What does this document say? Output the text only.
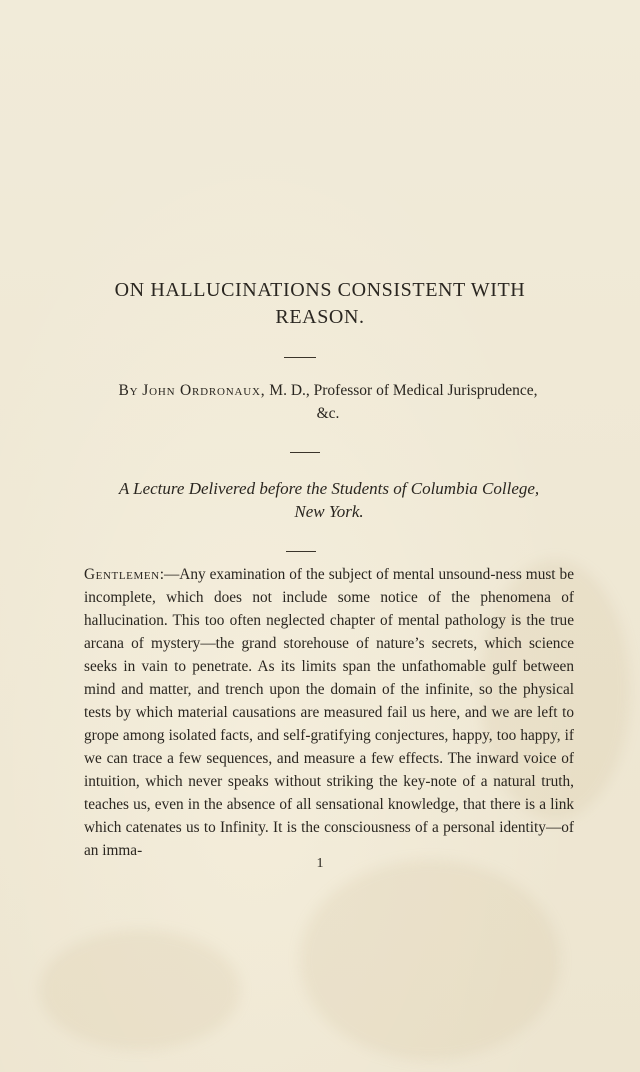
ON HALLUCINATIONS CONSISTENT WITH
REASON.

By John Ordronaux, M. D., Professor of Medical Jurisprudence,
&c.

A Lecture Delivered before the Students of Columbia College,
New York.

Gentlemen:—Any examination of the subject of mental unsound-ness must be incomplete, which does not include some notice of the phenomena of hallucination. This too often neglected chapter of mental pathology is the true arcana of mystery—the grand storehouse of nature’s secrets, which science seeks in vain to penetrate. As its limits span the unfathomable gulf between mind and matter, and trench upon the domain of the infinite, so the physical tests by which material causations are measured fail us here, and we are left to grope among isolated facts, and self-gratifying conjectures, happy, too happy, if we can trace a few sequences, and measure a few effects. The inward voice of intuition, which never speaks without striking the key-note of a natural truth, teaches us, even in the absence of all sensational knowledge, that there is a link which catenates us to Infinity. It is the consciousness of a personal identity—of an imma-

1
